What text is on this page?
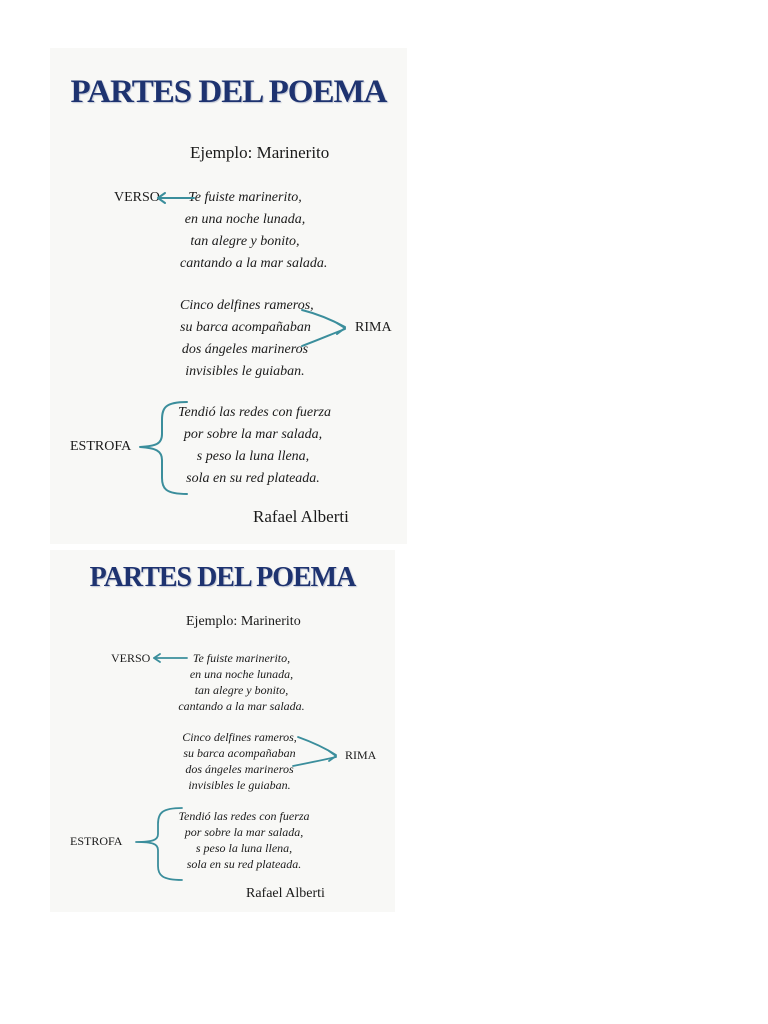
PARTES DEL POEMA
Ejemplo: Marinerito
VERSO	Te fuiste marinerito,
en una noche lunada,
tan alegre y bonito,
cantando a la mar salada.
Cinco delfines rameros,
su barca acompañaban
dos ángeles marineros
invisibles le guiaban.
RIMA
ESTROFA
Tendió las redes con fuerza
por sobre la mar salada,
s peso la luna llena,
sola en su red plateada.
Rafael Alberti
PARTES DEL POEMA
Ejemplo: Marinerito
VERSO	Te fuiste marinerito,
en una noche lunada,
tan alegre y bonito,
cantando a la mar salada.
Cinco delfines rameros,
su barca acompañaban
dos ángeles marineros
invisibles le guiaban.
RIMA
ESTROFA
Tendió las redes con fuerza
por sobre la mar salada,
s peso la luna llena,
sola en su red plateada.
Rafael Alberti
